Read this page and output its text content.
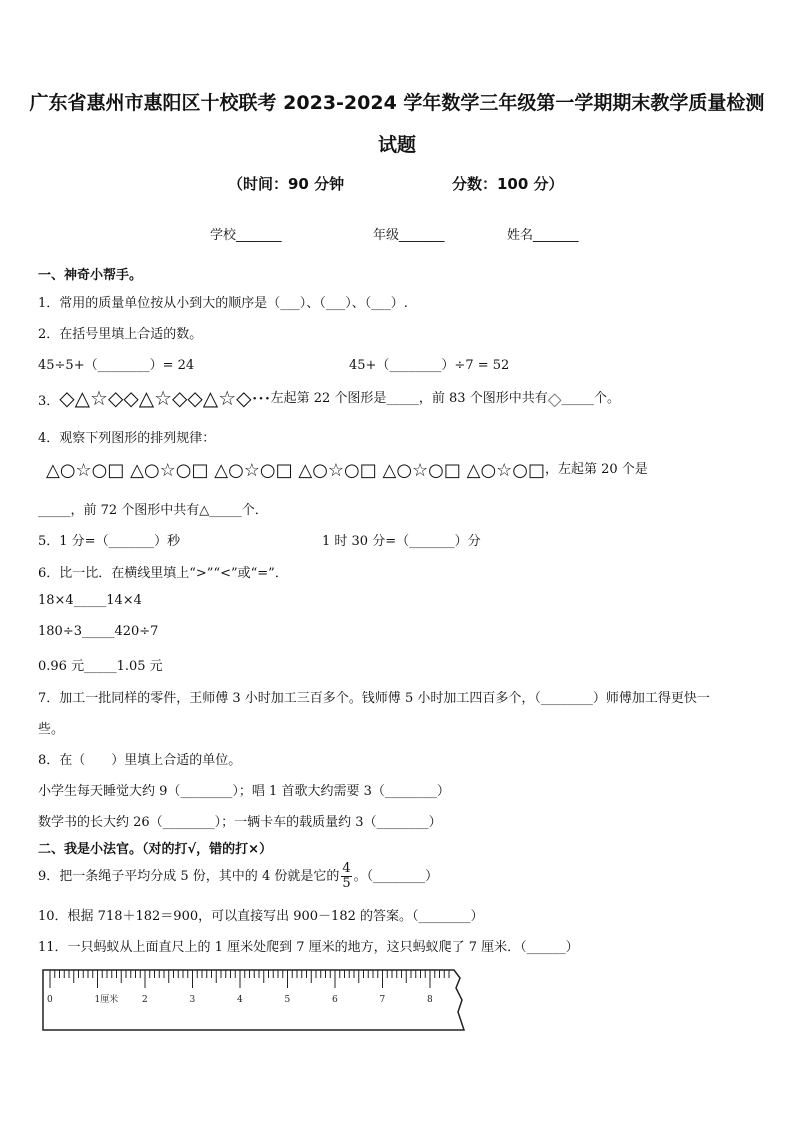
广东省惠州市惠阳区十校联考 2023-2024 学年数学三年级第一学期期末教学质量检测
试题
（时间：90 分钟	分数：100 分）
学校_______	年级_______	姓名_______
一、神奇小帮手。
1．常用的质量单位按从小到大的顺序是（___）、（___）、（___）.
2．在括号里填上合适的数。
45÷5+（________）= 24	45+（________）÷7 = 52
3．◇△☆◇◇△☆◇◇△☆◇···左起第 22 个图形是_____，前 83 个图形中共有◇_____个。
4．观察下列图形的排列规律：
△○☆○□ △○☆○□ △○☆○□ △○☆○□ △○☆○□ △○☆○□，左起第 20 个是
_____，前 72 个图形中共有△_____个．
5．1 分=（_______）秒	1 时 30 分=（_______）分
6．比一比．在横线里填上“>”“<”或“=”．
18×4_____14×4
180÷3_____420÷7
0.96 元_____1.05 元
7．加工一批同样的零件，王师傅 3 小时加工三百多个。钱师傅 5 小时加工四百多个，（________）师傅加工得更快一
些。
8．在（　　）里填上合适的单位。
小学生每天睡觉大约 9（________）；唱 1 首歌大约需要 3（________）
数学书的长大约 26（________）；一辆卡车的载质量约 3（________）
二、我是小法官。（对的打√，错的打×）
9．把一条绳子平均分成 5 份，其中的 4 份就是它的 $\frac{4}{5}$ 。（________）
10．根据 718＋182＝900，可以直接写出 900－182 的答案。（________）
11．一只蚂蚁从上面直尺上的 1 厘米处爬到 7 厘米的地方，这只蚂蚁爬了 7 厘米．（______）
0	1厘米	2	3	4	5	6	7	8
